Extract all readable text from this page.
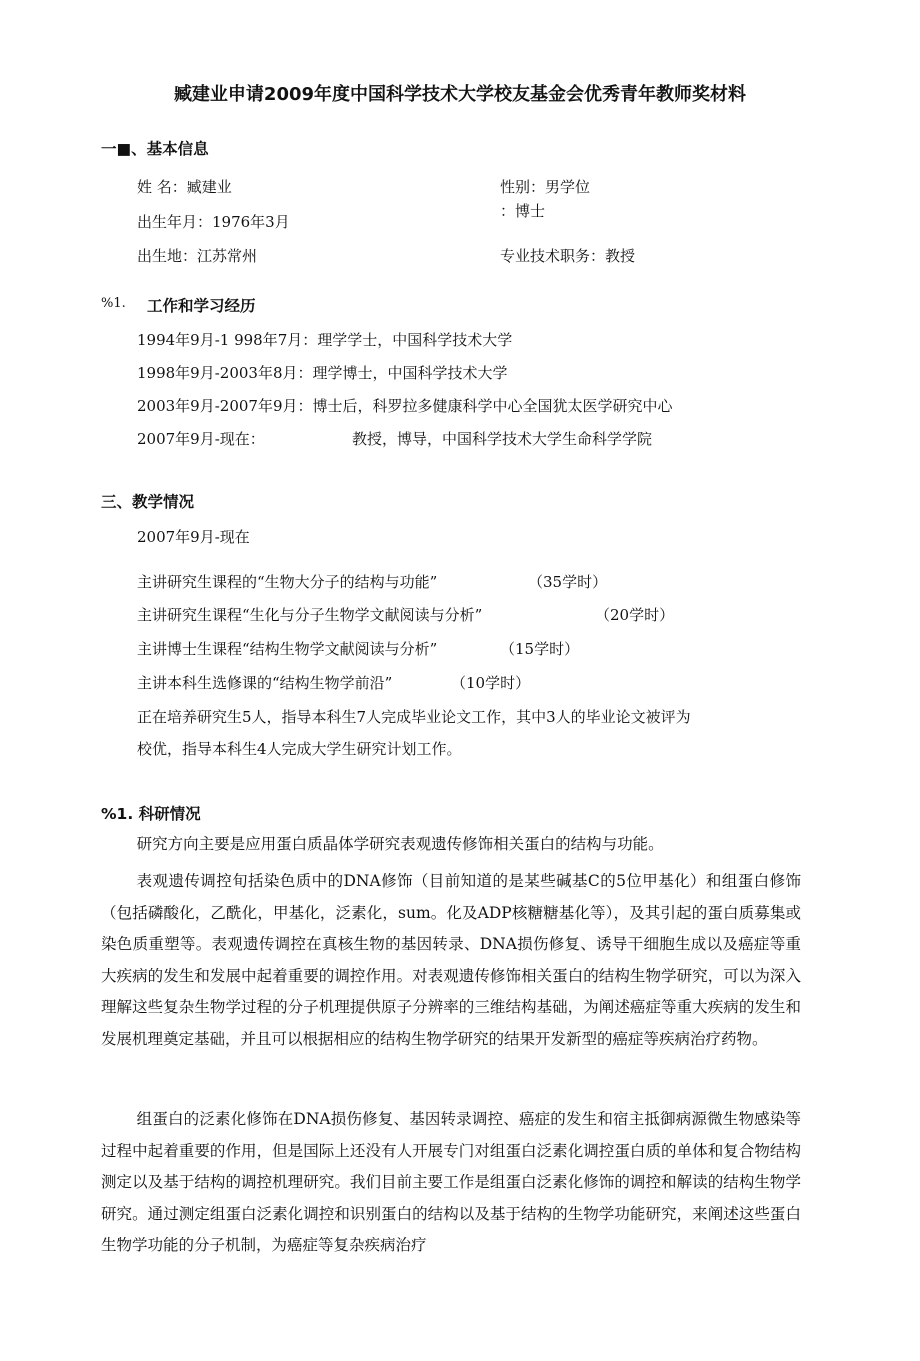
臧建业申请2009年度中国科学技术大学校友基金会优秀青年教师奖材料
一■、基本信息
姓 名：臧建业	性别：男学位
：博士
出生年月：1976年3月
出生地：江苏常州	专业技术职务：教授
%1. 工作和学习经历
1994年9月-1 998年7月：理学学士，中国科学技术大学
1998年9月-2003年8月：理学博士，中国科学技术大学
2003年9月-2007年9月：博士后，科罗拉多健康科学中心全国犹太医学研究中心
2007年9月-现在：	教授，博导，中国科学技术大学生命科学学院
三、教学情况
2007年9月-现在
主讲研究生课程的“生物大分子的结构与功能”	（35学时）
主讲研究生课程“生化与分子生物学文献阅读与分析”	（20学时）
主讲博士生课程“结构生物学文献阅读与分析”	（15学时）
主讲本科生选修课的“结构生物学前沿”	（10学时）
正在培养研究生5人，指导本科生7人完成毕业论文工作，其中3人的毕业论文被评为
校优，指导本科生4人完成大学生研究计划工作。
%1. 科研情况
研究方向主要是应用蛋白质晶体学研究表观遗传修饰相关蛋白的结构与功能。
表观遗传调控旬括染色质中的DNA修饰（目前知道的是某些碱基C的5位甲基化）和组蛋白修饰（包括磷酸化，乙酰化，甲基化，泛素化，sum。化及ADP核糖糖基化等），及其引起的蛋白质募集或染色质重塑等。表观遗传调控在真核生物的基因转录、DNA损伤修复、诱导干细胞生成以及癌症等重大疾病的发生和发展中起着重要的调控作用。对表观遗传修饰相关蛋白的结构生物学研究，可以为深入理解这些复杂生物学过程的分子机理提供原子分辨率的三维结构基础，为阐述癌症等重大疾病的发生和发展机理奠定基础，并且可以根据相应的结构生物学研究的结果开发新型的癌症等疾病治疗药物。
组蛋白的泛素化修饰在DNA损伤修复、基因转录调控、癌症的发生和宿主抵御病源微生物感染等过程中起着重要的作用，但是国际上还没有人开展专门对组蛋白泛素化调控蛋白质的单体和复合物结构测定以及基于结构的调控机理研究。我们目前主要工作是组蛋白泛素化修饰的调控和解读的结构生物学研究。通过测定组蛋白泛素化调控和识别蛋白的结构以及基于结构的生物学功能研究，来阐述这些蛋白生物学功能的分子机制，为癌症等复杂疾病治疗
